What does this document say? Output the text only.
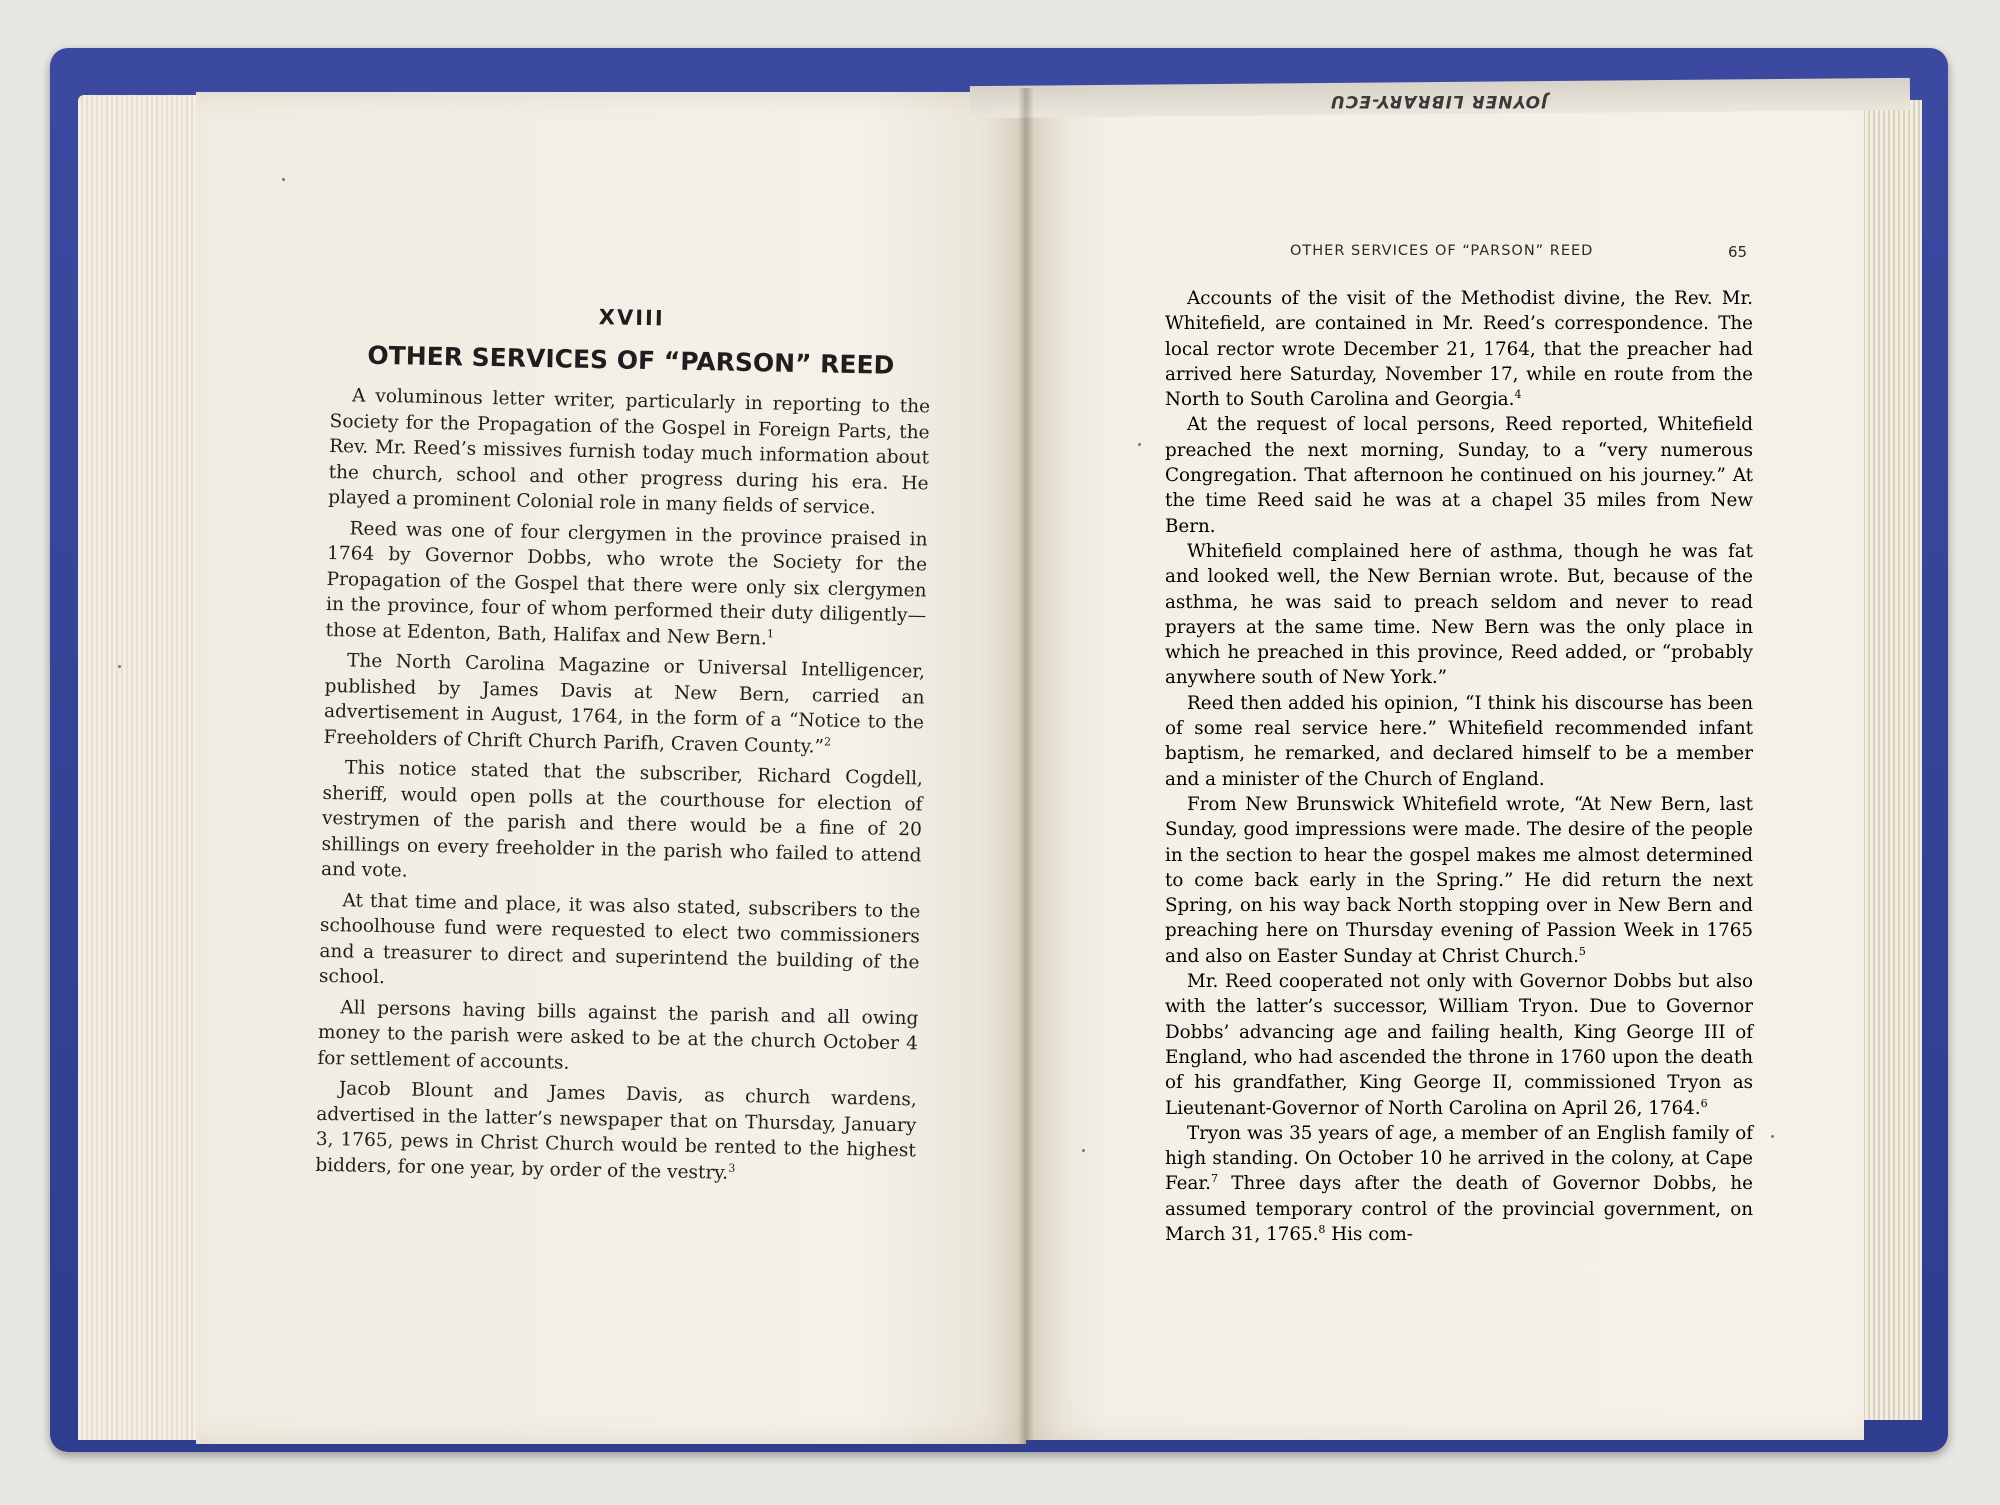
JOYNER LIBRARY-ECU
XVIII
OTHER SERVICES OF “PARSON” REED

A voluminous letter writer, particularly in reporting to the Society for the Propagation of the Gospel in Foreign Parts, the Rev. Mr. Reed’s missives furnish today much information about the church, school and other progress during his era. He played a prominent Colonial role in many fields of service.

Reed was one of four clergymen in the province praised in 1764 by Governor Dobbs, who wrote the Society for the Propagation of the Gospel that there were only six clergymen in the province, four of whom performed their duty diligently—those at Edenton, Bath, Halifax and New Bern.$^1$

The North Carolina Magazine or Universal Intelligencer, published by James Davis at New Bern, carried an advertisement in August, 1764, in the form of a “Notice to the Freeholders of Chrift Church Parifh, Craven County.”$^2$

This notice stated that the subscriber, Richard Cogdell, sheriff, would open polls at the courthouse for election of vestrymen of the parish and there would be a fine of 20 shillings on every freeholder in the parish who failed to attend and vote.

At that time and place, it was also stated, subscribers to the schoolhouse fund were requested to elect two commissioners and a treasurer to direct and superintend the building of the school.

All persons having bills against the parish and all owing money to the parish were asked to be at the church October 4 for settlement of accounts.

Jacob Blount and James Davis, as church wardens, advertised in the latter’s newspaper that on Thursday, January 3, 1765, pews in Christ Church would be rented to the highest bidders, for one year, by order of the vestry.$^3$

OTHER SERVICES OF “PARSON” REED	65

Accounts of the visit of the Methodist divine, the Rev. Mr. Whitefield, are contained in Mr. Reed’s correspondence. The local rector wrote December 21, 1764, that the preacher had arrived here Saturday, November 17, while en route from the North to South Carolina and Georgia.$^4$

At the request of local persons, Reed reported, Whitefield preached the next morning, Sunday, to a “very numerous Congregation. That afternoon he continued on his journey.” At the time Reed said he was at a chapel 35 miles from New Bern.

Whitefield complained here of asthma, though he was fat and looked well, the New Bernian wrote. But, because of the asthma, he was said to preach seldom and never to read prayers at the same time. New Bern was the only place in which he preached in this province, Reed added, or “probably anywhere south of New York.”

Reed then added his opinion, “I think his discourse has been of some real service here.” Whitefield recommended infant baptism, he remarked, and declared himself to be a member and a minister of the Church of England.

From New Brunswick Whitefield wrote, “At New Bern, last Sunday, good impressions were made. The desire of the people in the section to hear the gospel makes me almost determined to come back early in the Spring.” He did return the next Spring, on his way back North stopping over in New Bern and preaching here on Thursday evening of Passion Week in 1765 and also on Easter Sunday at Christ Church.$^5$

Mr. Reed cooperated not only with Governor Dobbs but also with the latter’s successor, William Tryon. Due to Governor Dobbs’ advancing age and failing health, King George III of England, who had ascended the throne in 1760 upon the death of his grandfather, King George II, commissioned Tryon as Lieutenant-Governor of North Carolina on April 26, 1764.$^6$

Tryon was 35 years of age, a member of an English family of high standing. On October 10 he arrived in the colony, at Cape Fear.$^7$ Three days after the death of Governor Dobbs, he assumed temporary control of the provincial government, on March 31, 1765.$^8$ His com-
